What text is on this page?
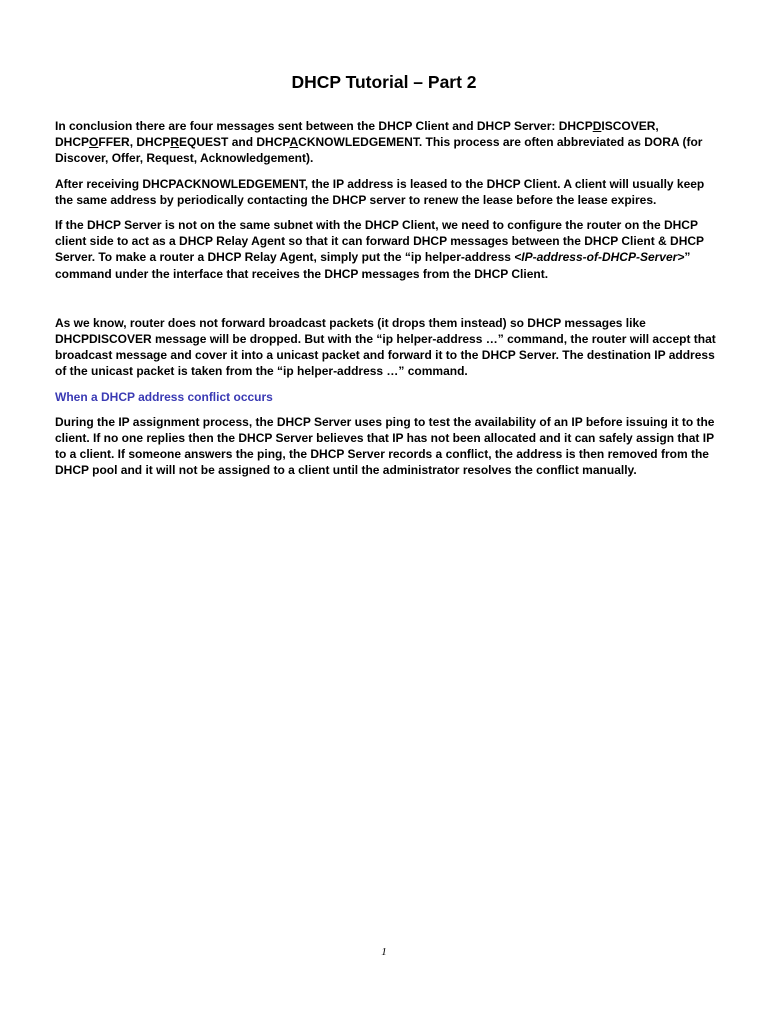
DHCP Tutorial – Part 2

In conclusion there are four messages sent between the DHCP Client and DHCP Server: DHCPDISCOVER, DHCPOFFER, DHCPREQUEST and DHCPACKNOWLEDGEMENT. This process are often abbreviated as DORA (for Discover, Offer, Request, Acknowledgement).

After receiving DHCPACKNOWLEDGEMENT, the IP address is leased to the DHCP Client. A client will usually keep the same address by periodically contacting the DHCP server to renew the lease before the lease expires.

If the DHCP Server is not on the same subnet with the DHCP Client, we need to configure the router on the DHCP client side to act as a DHCP Relay Agent so that it can forward DHCP messages between the DHCP Client & DHCP Server. To make a router a DHCP Relay Agent, simply put the “ip helper-address <IP-address-of-DHCP-Server>” command under the interface that receives the DHCP messages from the DHCP Client.

As we know, router does not forward broadcast packets (it drops them instead) so DHCP messages like DHCPDISCOVER message will be dropped. But with the “ip helper-address …” command, the router will accept that broadcast message and cover it into a unicast packet and forward it to the DHCP Server. The destination IP address of the unicast packet is taken from the “ip helper-address …” command.

When a DHCP address conflict occurs

During the IP assignment process, the DHCP Server uses ping to test the availability of an IP before issuing it to the client. If no one replies then the DHCP Server believes that IP has not been allocated and it can safely assign that IP to a client. If someone answers the ping, the DHCP Server records a conflict, the address is then removed from the DHCP pool and it will not be assigned to a client until the administrator resolves the conflict manually.

1
